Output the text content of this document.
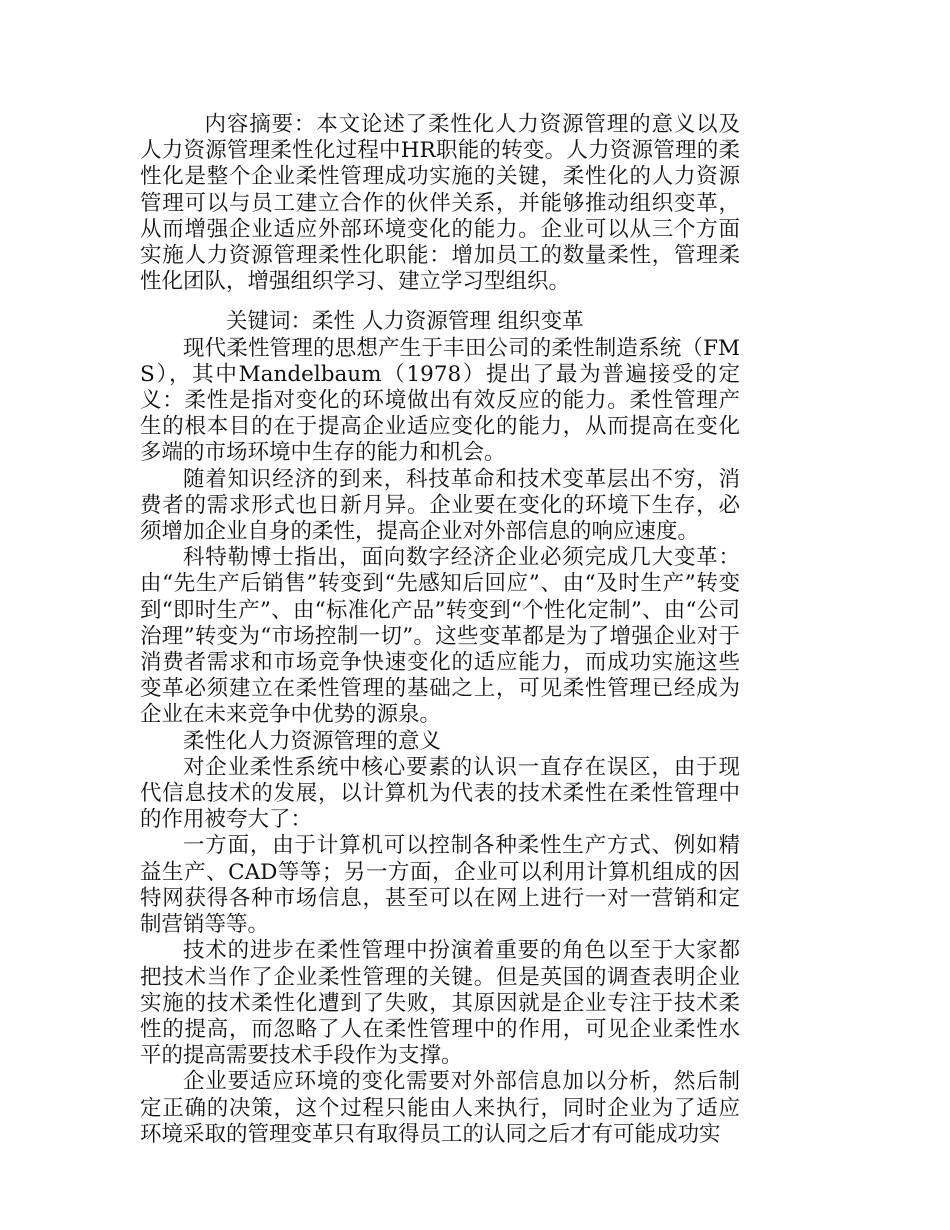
内容摘要：本文论述了柔性化人力资源管理的意义以及人力资源管理柔性化过程中HR职能的转变。人力资源管理的柔性化是整个企业柔性管理成功实施的关键，柔性化的人力资源管理可以与员工建立合作的伙伴关系，并能够推动组织变革，从而增强企业适应外部环境变化的能力。企业可以从三个方面实施人力资源管理柔性化职能：增加员工的数量柔性，管理柔性化团队，增强组织学习、建立学习型组织。

关键词：柔性 人力资源管理 组织变革

现代柔性管理的思想产生于丰田公司的柔性制造系统（FMS），其中Mandelbaum（1978）提出了最为普遍接受的定义：柔性是指对变化的环境做出有效反应的能力。柔性管理产生的根本目的在于提高企业适应变化的能力，从而提高在变化多端的市场环境中生存的能力和机会。

随着知识经济的到来，科技革命和技术变革层出不穷，消费者的需求形式也日新月异。企业要在变化的环境下生存，必须增加企业自身的柔性，提高企业对外部信息的响应速度。

科特勒博士指出，面向数字经济企业必须完成几大变革：由“先生产后销售”转变到“先感知后回应”、由“及时生产”转变到“即时生产”、由“标准化产品”转变到“个性化定制”、由“公司治理”转变为“市场控制一切”。这些变革都是为了增强企业对于消费者需求和市场竞争快速变化的适应能力，而成功实施这些变革必须建立在柔性管理的基础之上，可见柔性管理已经成为企业在未来竞争中优势的源泉。

柔性化人力资源管理的意义

对企业柔性系统中核心要素的认识一直存在误区，由于现代信息技术的发展，以计算机为代表的技术柔性在柔性管理中的作用被夸大了：

一方面，由于计算机可以控制各种柔性生产方式、例如精益生产、CAD等等；另一方面，企业可以利用计算机组成的因特网获得各种市场信息，甚至可以在网上进行一对一营销和定制营销等等。

技术的进步在柔性管理中扮演着重要的角色以至于大家都把技术当作了企业柔性管理的关键。但是英国的调查表明企业实施的技术柔性化遭到了失败，其原因就是企业专注于技术柔性的提高，而忽略了人在柔性管理中的作用，可见企业柔性水平的提高需要技术手段作为支撑。

企业要适应环境的变化需要对外部信息加以分析，然后制定正确的决策，这个过程只能由人来执行，同时企业为了适应环境采取的管理变革只有取得员工的认同之后才有可能成功实
